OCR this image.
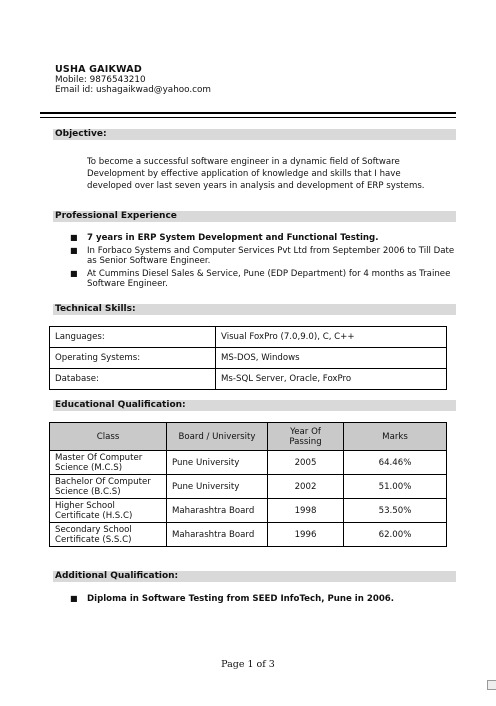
USHA GAIKWAD
Mobile: 9876543210
Email id: ushagaikwad@yahoo.com
Objective:
To become a successful software engineer in a dynamic field of Software Development by effective application of knowledge and skills that I have developed over last seven years in analysis and development of ERP systems.
Professional Experience
■ 7 years in ERP System Development and Functional Testing.
■ In Forbaco Systems and Computer Services Pvt Ltd from September 2006 to Till Date as Senior Software Engineer.
■ At Cummins Diesel Sales & Service, Pune (EDP Department) for 4 months as Trainee Software Engineer.
Technical Skills:
Languages:	Visual FoxPro (7.0,9.0), C, C++
Operating Systems:	MS-DOS, Windows
Database:	Ms-SQL Server, Oracle, FoxPro
Educational Qualification:
Class	Board / University	Year Of Passing	Marks
Master Of Computer Science (M.C.S)	Pune University	2005	64.46%
Bachelor Of Computer Science (B.C.S)	Pune University	2002	51.00%
Higher School Certificate (H.S.C)	Maharashtra Board	1998	53.50%
Secondary School Certificate (S.S.C)	Maharashtra Board	1996	62.00%
Additional Qualification:
■ Diploma in Software Testing from SEED InfoTech, Pune in 2006.
Page 1 of 3
